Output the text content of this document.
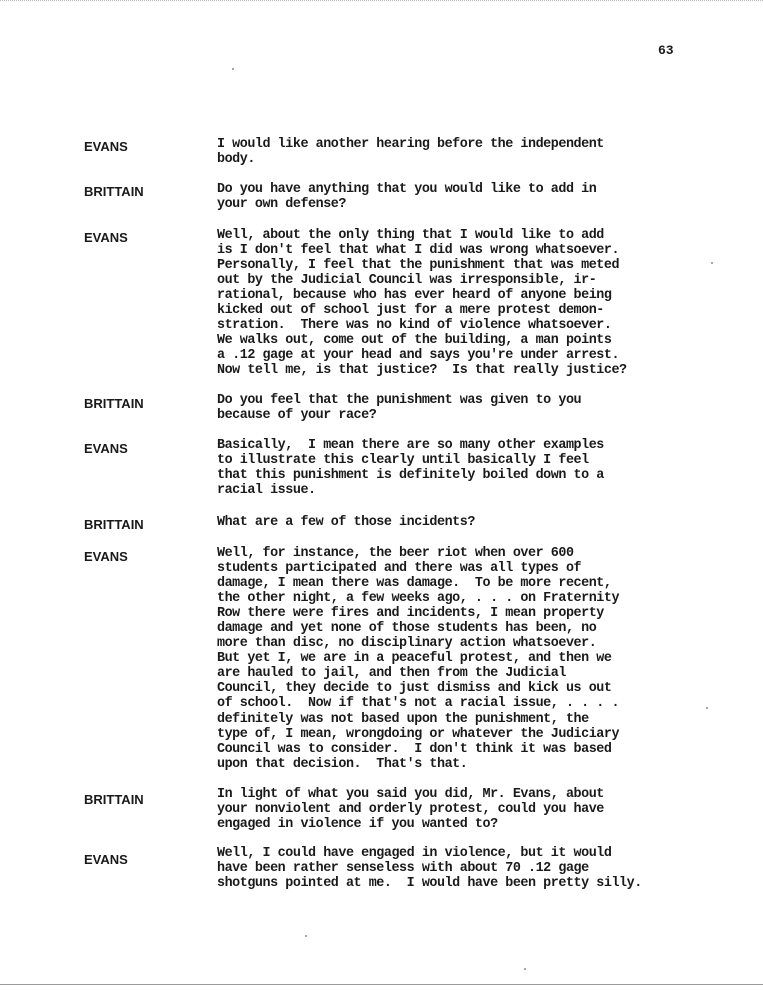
63
EVANS	I would like another hearing before the independent
body.
BRITTAIN	Do you have anything that you would like to add in
your own defense?
EVANS	Well, about the only thing that I would like to add
is I don't feel that what I did was wrong whatsoever.
Personally, I feel that the punishment that was meted
out by the Judicial Council was irresponsible, ir-
rational, because who has ever heard of anyone being
kicked out of school just for a mere protest demon-
stration.  There was no kind of violence whatsoever.
We walks out, come out of the building, a man points
a .12 gage at your head and says you're under arrest.
Now tell me, is that justice?  Is that really justice?
BRITTAIN	Do you feel that the punishment was given to you
because of your race?
EVANS	Basically,  I mean there are so many other examples
to illustrate this clearly until basically I feel
that this punishment is definitely boiled down to a
racial issue.
BRITTAIN	What are a few of those incidents?
EVANS	Well, for instance, the beer riot when over 600
students participated and there was all types of
damage, I mean there was damage.  To be more recent,
the other night, a few weeks ago, . . . on Fraternity
Row there were fires and incidents, I mean property
damage and yet none of those students has been, no
more than disc, no disciplinary action whatsoever.
But yet I, we are in a peaceful protest, and then we
are hauled to jail, and then from the Judicial
Council, they decide to just dismiss and kick us out
of school.  Now if that's not a racial issue, . . . .
definitely was not based upon the punishment, the
type of, I mean, wrongdoing or whatever the Judiciary
Council was to consider.  I don't think it was based
upon that decision.  That's that.
BRITTAIN	In light of what you said you did, Mr. Evans, about
your nonviolent and orderly protest, could you have
engaged in violence if you wanted to?
EVANS	Well, I could have engaged in violence, but it would
have been rather senseless with about 70 .12 gage
shotguns pointed at me.  I would have been pretty silly.
